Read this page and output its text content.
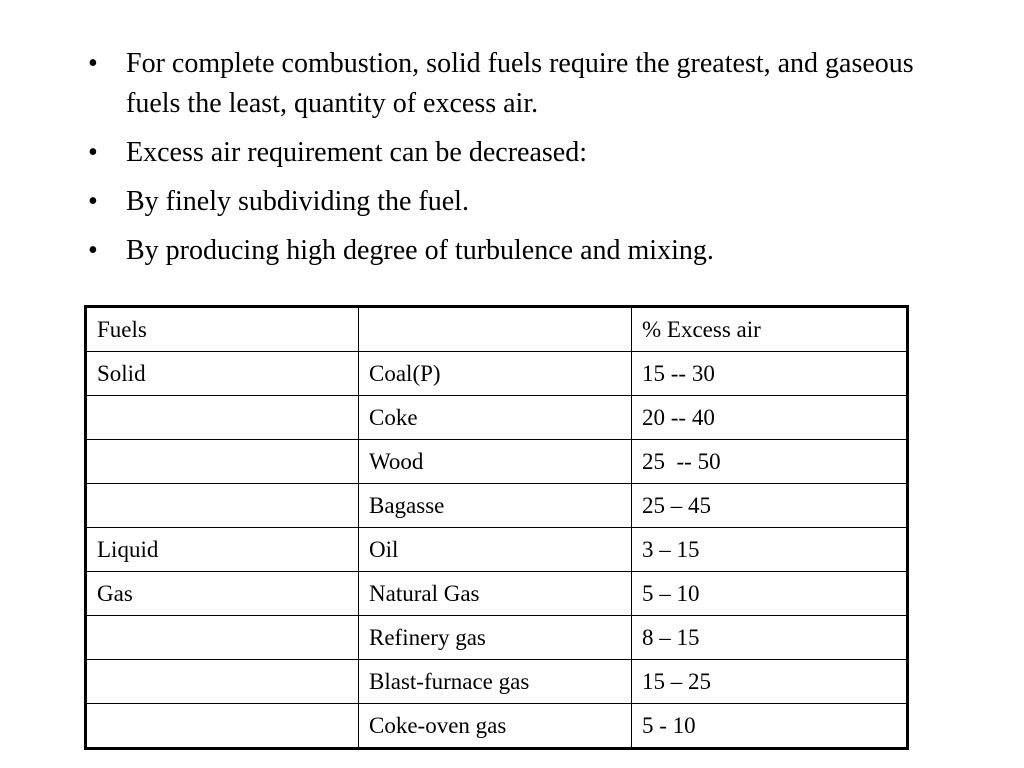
• For complete combustion, solid fuels require the greatest, and gaseous fuels the least, quantity of excess air.
• Excess air requirement can be decreased:
• By finely subdividing the fuel.
• By producing high degree of turbulence and mixing.
Fuels		% Excess air
Solid	Coal(P)	15 -- 30
	Coke	20 -- 40
	Wood	25  -- 50
	Bagasse	25 – 45
Liquid	Oil	3 – 15
Gas	Natural Gas	5 – 10
	Refinery gas	8 – 15
	Blast-furnace gas	15 – 25
	Coke-oven gas	5 - 10
